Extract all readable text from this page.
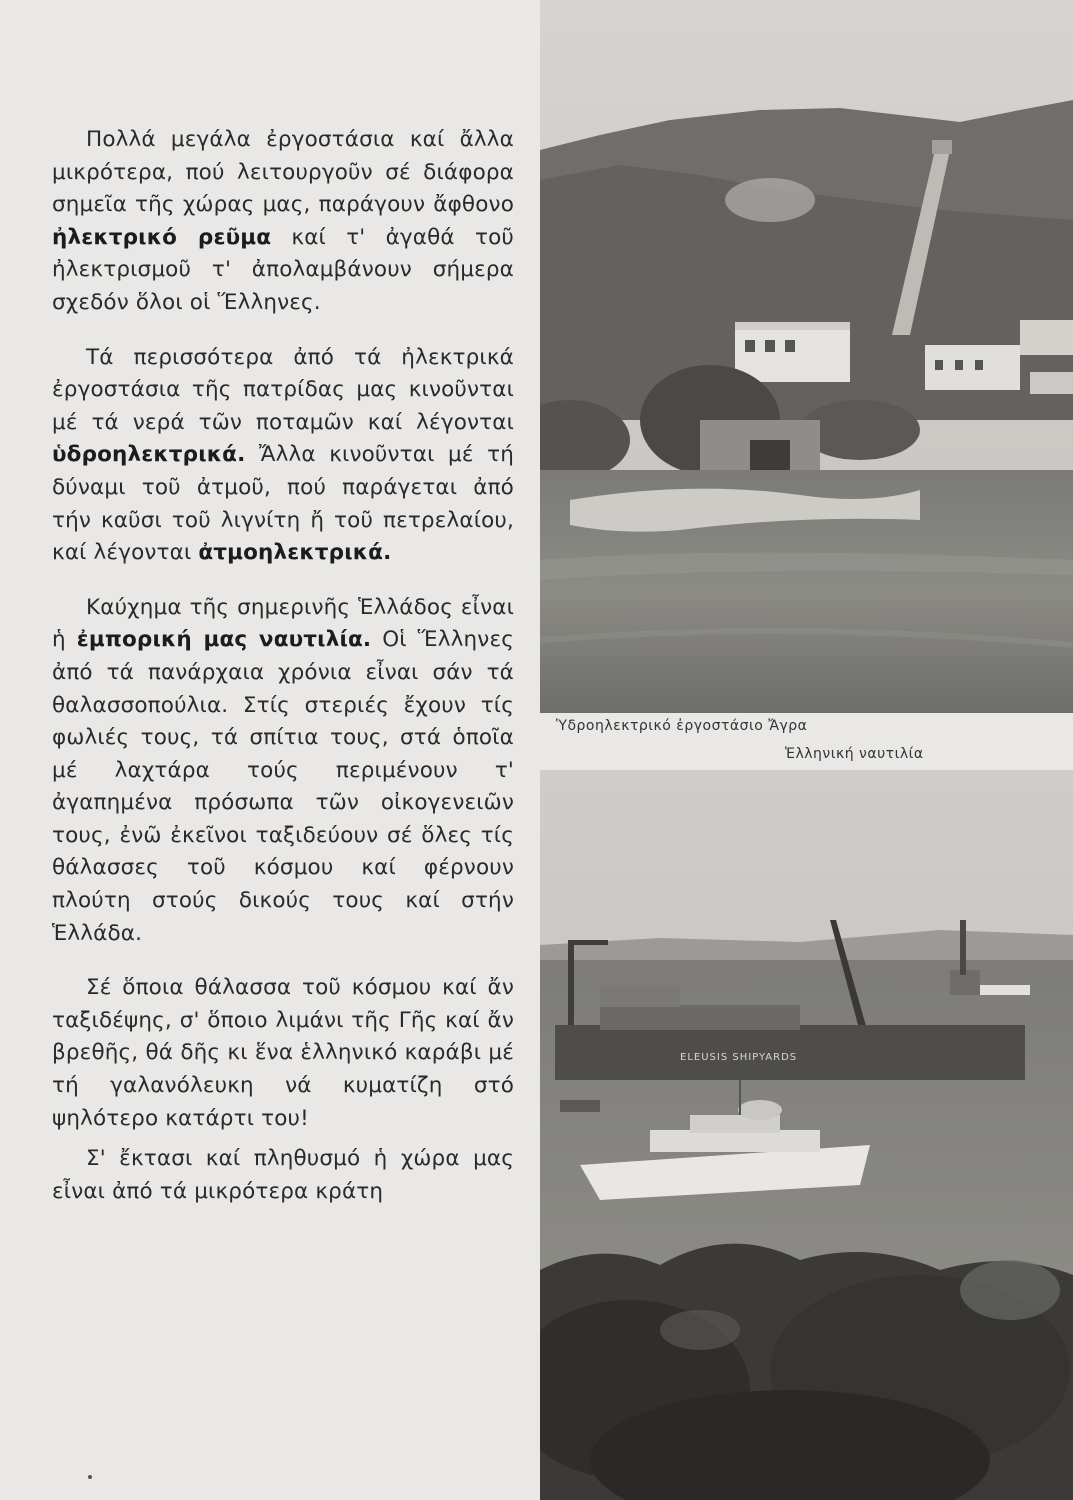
Πολλά μεγάλα ἐργοστάσια καί ἄλλα μικρότερα, πού λειτουργοῦν σέ διάφορα σημεῖα τῆς χώρας μας, παράγουν ἄφθονο ἠλεκτρικό ρεῦμα καί τ' ἀγαθά τοῦ ἠλεκτρισμοῦ τ' ἀπολαμβάνουν σήμερα σχεδόν ὅλοι οἱ Ἕλληνες.

Τά περισσότερα ἀπό τά ἠλεκτρικά ἐργοστάσια τῆς πατρίδας μας κινοῦνται μέ τά νερά τῶν ποταμῶν καί λέγονται ὑδροηλεκτρικά. Ἄλλα κινοῦνται μέ τή δύναμι τοῦ ἀτμοῦ, πού παράγεται ἀπό τήν καῦσι τοῦ λιγνίτη ἤ τοῦ πετρελαίου, καί λέγονται ἀτμοηλεκτρικά.

Καύχημα τῆς σημερινῆς Ἑλλάδος εἶναι ἡ ἐμπορική μας ναυτιλία. Οἱ Ἕλληνες ἀπό τά πανάρχαια χρόνια εἶναι σάν τά θαλασσοπούλια. Στίς στεριές ἔχουν τίς φωλιές τους, τά σπίτια τους, στά ὁποῖα μέ λαχτάρα τούς περιμένουν τ' ἀγαπημένα πρόσωπα τῶν οἰκογενειῶν τους, ἐνῶ ἐκεῖνοι ταξιδεύουν σέ ὅλες τίς θάλασσες τοῦ κόσμου καί φέρνουν πλούτη στούς δικούς τους καί στήν Ἑλλάδα.

Σέ ὅποια θάλασσα τοῦ κόσμου καί ἄν ταξιδέψης, σ' ὅποιο λιμάνι τῆς Γῆς καί ἄν βρεθῆς, θά δῆς κι ἕνα ἑλληνικό καράβι μέ τή γαλανόλευκη νά κυματίζη στό ψηλότερο κατάρτι του!

Σ' ἔκτασι καί πληθυσμό ἡ χώρα μας εἶναι ἀπό τά μικρότερα κράτη

Ὑδροηλεκτρικό ἐργοστάσιο Ἄγρα
Ἑλληνική ναυτιλία
ELEUSIS SHIPYARDS
